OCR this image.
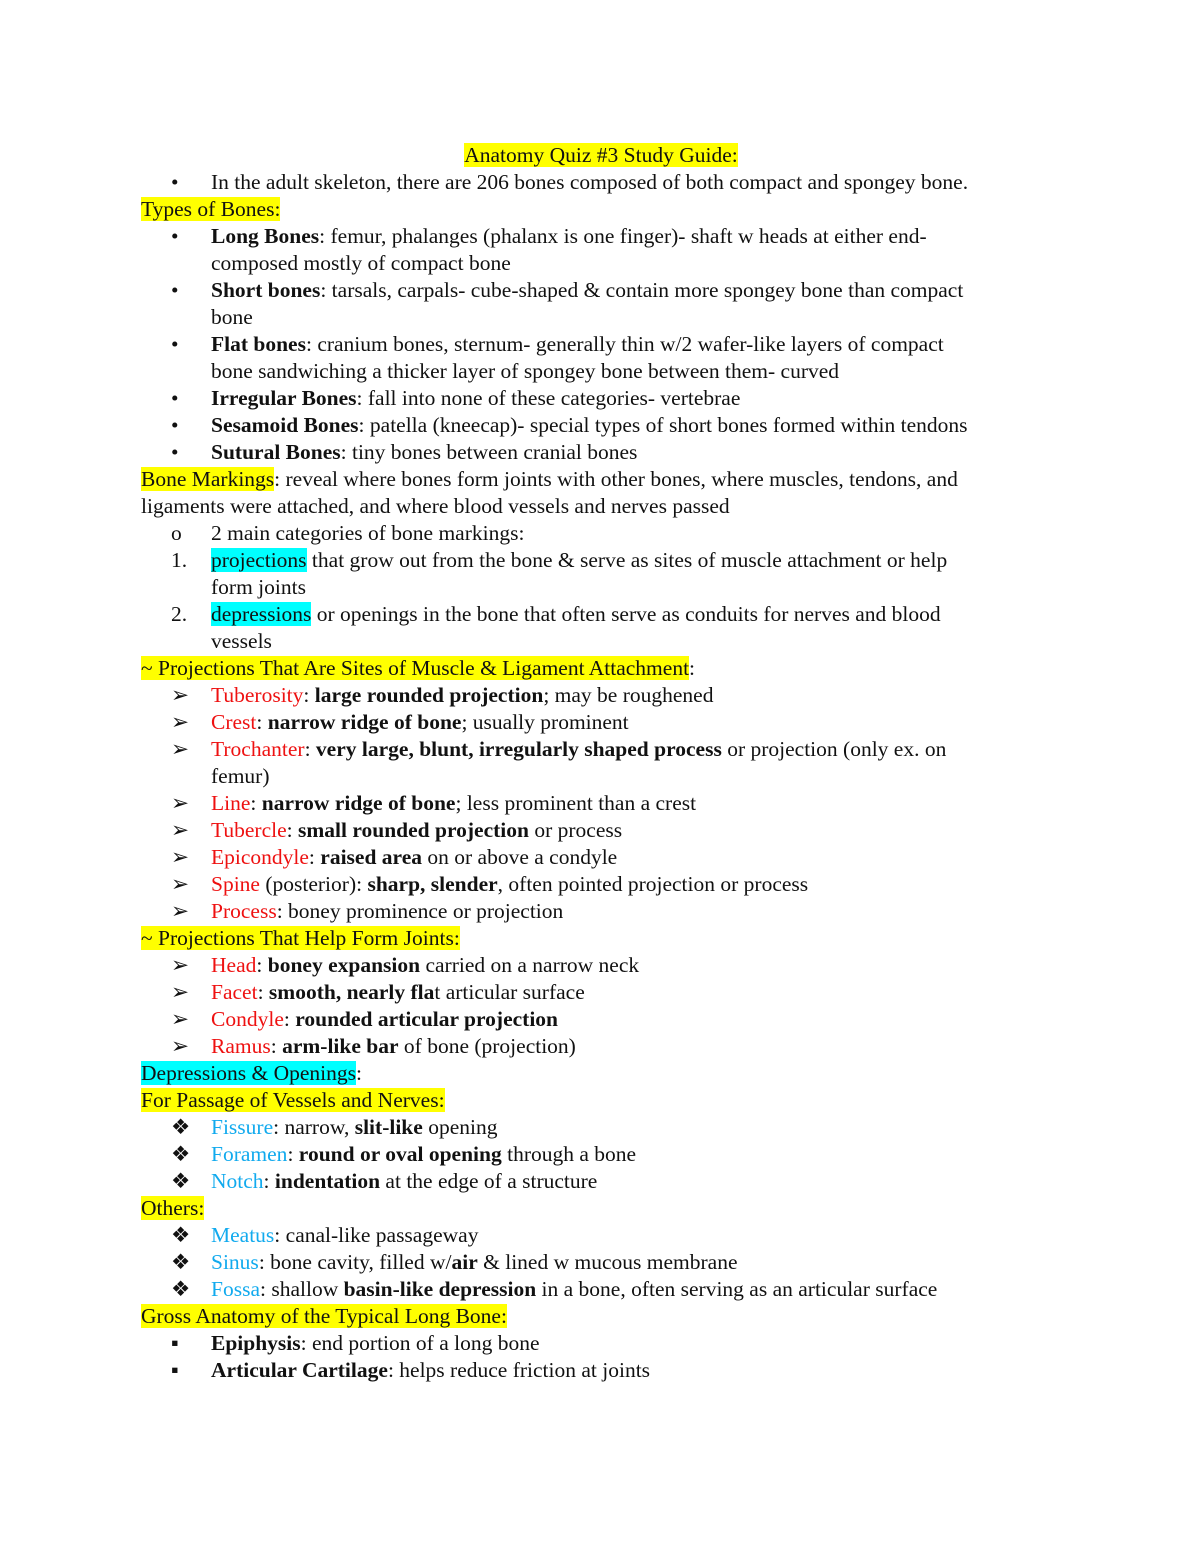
Anatomy Quiz #3 Study Guide:
•	In the adult skeleton, there are 206 bones composed of both compact and spongey bone.
Types of Bones:
•	Long Bones: femur, phalanges (phalanx is one finger)- shaft w heads at either end-
composed mostly of compact bone
•	Short bones: tarsals, carpals- cube-shaped & contain more spongey bone than compact
bone
•	Flat bones: cranium bones, sternum- generally thin w/2 wafer-like layers of compact
bone sandwiching a thicker layer of spongey bone between them- curved
•	Irregular Bones: fall into none of these categories- vertebrae
•	Sesamoid Bones: patella (kneecap)- special types of short bones formed within tendons
•	Sutural Bones: tiny bones between cranial bones
Bone Markings: reveal where bones form joints with other bones, where muscles, tendons, and
ligaments were attached, and where blood vessels and nerves passed
o	2 main categories of bone markings:
1.	projections that grow out from the bone & serve as sites of muscle attachment or help
form joints
2.	depressions or openings in the bone that often serve as conduits for nerves and blood
vessels
~ Projections That Are Sites of Muscle & Ligament Attachment:
➢	Tuberosity: large rounded projection; may be roughened
➢	Crest: narrow ridge of bone; usually prominent
➢	Trochanter: very large, blunt, irregularly shaped process or projection (only ex. on
femur)
➢	Line: narrow ridge of bone; less prominent than a crest
➢	Tubercle: small rounded projection or process
➢	Epicondyle: raised area on or above a condyle
➢	Spine (posterior): sharp, slender, often pointed projection or process
➢	Process: boney prominence or projection
~ Projections That Help Form Joints:
➢	Head: boney expansion carried on a narrow neck
➢	Facet: smooth, nearly flat articular surface
➢	Condyle: rounded articular projection
➢	Ramus: arm-like bar of bone (projection)
Depressions & Openings:
For Passage of Vessels and Nerves:
❖ Fissure: narrow, slit-like opening
❖ Foramen: round or oval opening through a bone
❖ Notch: indentation at the edge of a structure
Others:
❖ Meatus: canal-like passageway
❖ Sinus: bone cavity, filled w/air & lined w mucous membrane
❖ Fossa: shallow basin-like depression in a bone, often serving as an articular surface
Gross Anatomy of the Typical Long Bone:
▪	Epiphysis: end portion of a long bone
▪	Articular Cartilage: helps reduce friction at joints
